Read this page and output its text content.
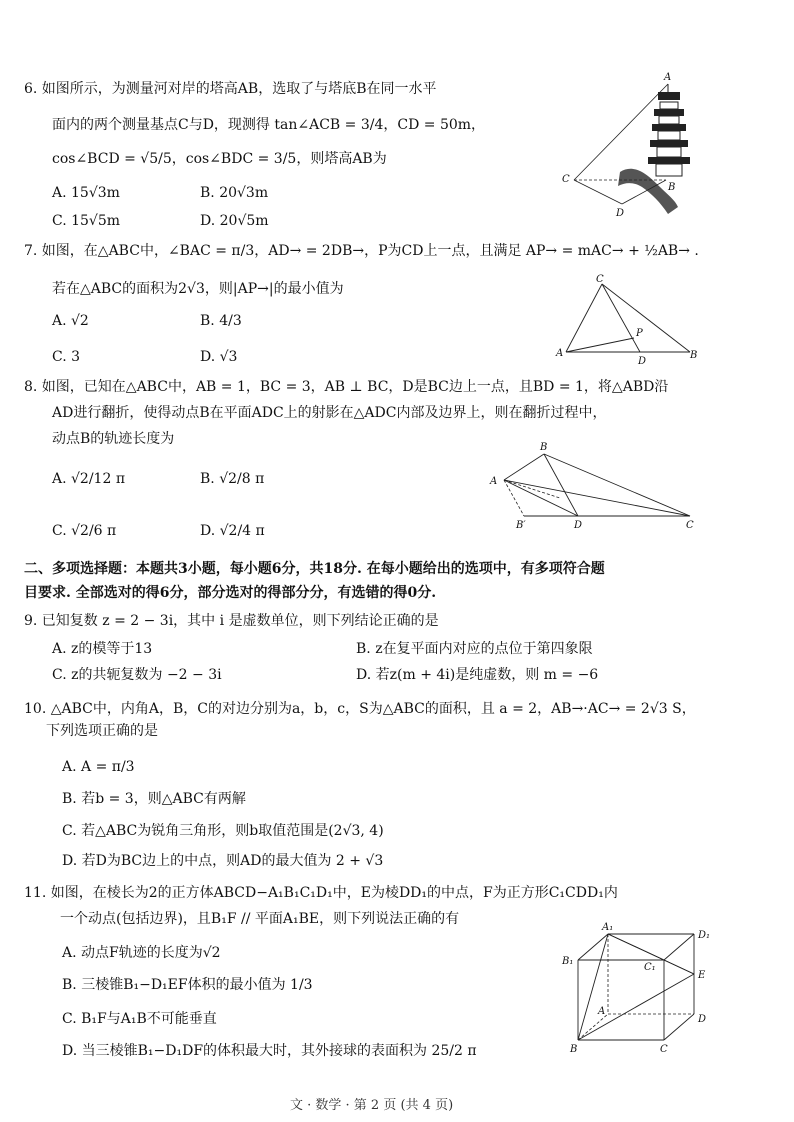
6. 如图所示，为测量河对岸的塔高AB，选取了与塔底B在同一水平
面内的两个测量基点C与D，现测得 tan∠ACB = 3/4，CD = 50m，
cos∠BCD = √5/5，cos∠BDC = 3/5，则塔高AB为
A. 15√3m	B. 20√3m
C. 15√5m	D. 20√5m
A
C
B
D
7. 如图，在△ABC中，∠BAC = π/3，AD→ = 2DB→，P为CD上一点，且满足 AP→ = mAC→ + ½AB→ .
若在△ABC的面积为2√3，则|AP→|的最小值为
A. √2	B. 4/3
C. 3	D. √3
C
A
P
D
B
8. 如图，已知在△ABC中，AB = 1，BC = 3，AB ⊥ BC，D是BC边上一点，且BD = 1，将△ABD沿
AD进行翻折，使得动点B在平面ADC上的射影在△ADC内部及边界上，则在翻折过程中，
动点B的轨迹长度为
A. √2/12 π	B. √2/8 π
C. √2/6 π	D. √2/4 π
B
A
B′	D	C
二、多项选择题：本题共3小题，每小题6分，共18分. 在每小题给出的选项中，有多项符合题
目要求. 全部选对的得6分，部分选对的得部分分，有选错的得0分.
9. 已知复数 z = 2 − 3i，其中 i 是虚数单位，则下列结论正确的是
A. z的模等于13	B. z在复平面内对应的点位于第四象限
C. z的共轭复数为 −2 − 3i	D. 若z(m + 4i)是纯虚数，则 m = −6
10. △ABC中，内角A，B，C的对边分别为a，b，c，S为△ABC的面积，且 a = 2，AB→·AC→ = 2√3 S，
下列选项正确的是
A. A = π/3
B. 若b = 3，则△ABC有两解
C. 若△ABC为锐角三角形，则b取值范围是(2√3, 4)
D. 若D为BC边上的中点，则AD的最大值为 2 + √3
11. 如图，在棱长为2的正方体ABCD−A₁B₁C₁D₁中，E为棱DD₁的中点，F为正方形C₁CDD₁内
一个动点(包括边界)，且B₁F // 平面A₁BE，则下列说法正确的有
A. 动点F轨迹的长度为√2
B. 三棱锥B₁−D₁EF体积的最小值为 1/3
C. B₁F与A₁B不可能垂直
D. 当三棱锥B₁−D₁DF的体积最大时，其外接球的表面积为 25/2 π
A₁
D₁
B₁
C₁
E
A
D
B	C
文 · 数学 · 第 2 页 (共 4 页)
